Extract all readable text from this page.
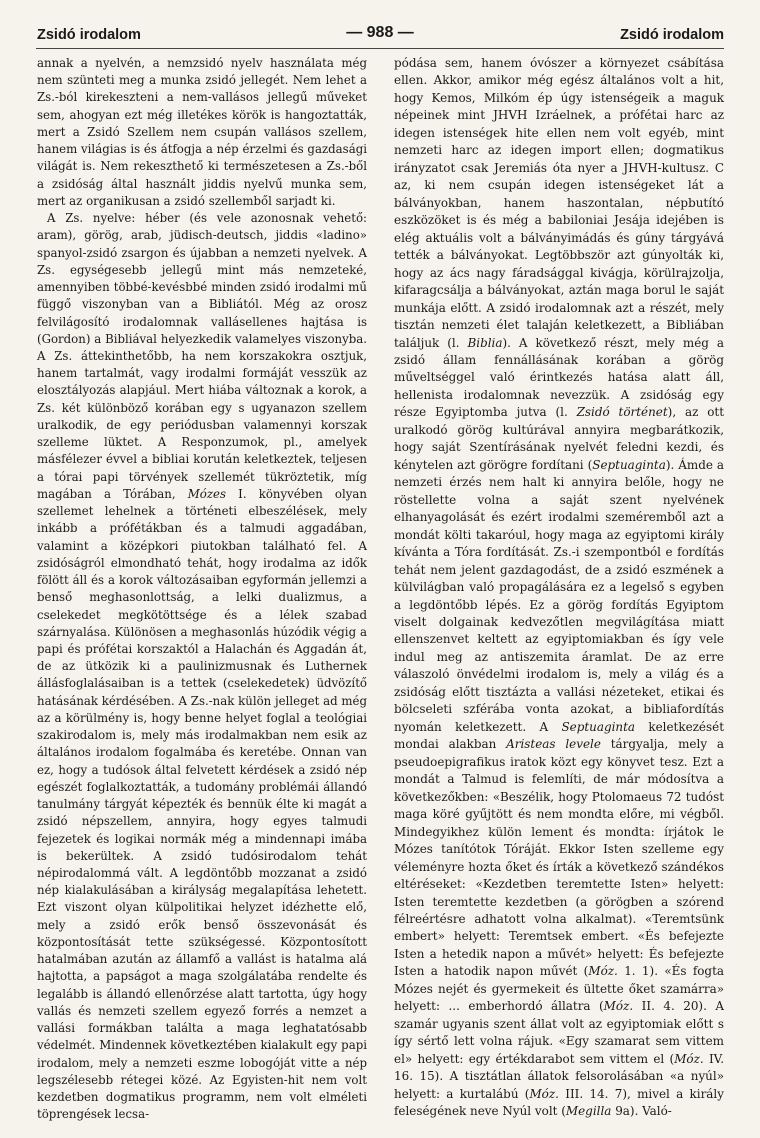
Zsidó irodalom	— 988 —	Zsidó irodalom

annak a nyelvén, a nemzsidó nyelv használata még nem szünteti meg a munka zsidó jellegét. Nem lehet a Zs.-ból kirekeszteni a nem-vallásos jellegű műveket sem, ahogyan ezt még illetékes körök is hangoztatták, mert a Zsidó Szellem nem csupán vallásos szellem, hanem világias is és átfogja a nép érzelmi és gazdasági világát is. Nem rekeszthető ki természetesen a Zs.-ből a zsidóság által használt jiddis nyelvű munka sem, mert az organikusan a zsidó szellemből sarjadt ki.

A Zs. nyelve: héber (és vele azonosnak vehető: aram), görög, arab, jüdisch-deutsch, jiddis «ladino» spanyol-zsidó zsargon és újabban a nemzeti nyelvek. A Zs. egységesebb jellegű mint más nemzeteké, amennyiben többé-kevésbbé minden zsidó irodalmi mű függő viszonyban van a Bibliától. Még az orosz felvilágosító irodalomnak vallásellenes hajtása is (Gordon) a Bibliával helyezkedik valamelyes viszonyba. A Zs. áttekinthetőbb, ha nem korszakokra osztjuk, hanem tartalmát, vagy irodalmi formáját vesszük az elosztályozás alapjául. Mert hiába változnak a korok, a Zs. két különböző korában egy s ugyanazon szellem uralkodik, de egy periódusban valamennyi korszak szelleme lüktet. A Responzumok, pl., amelyek másfélezer évvel a bibliai korután keletkeztek, teljesen a tórai papi törvények szellemét tükröztetik, míg magában a Tórában, Mózes I. könyvében olyan szellemet lehelnek a történeti elbeszélések, mely inkább a prófétákban és a talmudi aggadában, valamint a középkori piutokban található fel. A zsidóságról elmondható tehát, hogy irodalma az idők fölött áll és a korok változásaiban egyformán jellemzi a benső meghasonlottság, a lelki dualizmus, a cselekedet megkötöttsége és a lélek szabad szárnyalása. Különösen a meghasonlás húzódik végig a papi és prófétai korszaktól a Halachán és Aggadán át, de az ütközik ki a paulinizmusnak és Luthernek állásfoglalásaiban is a tettek (cselekedetek) üdvözítő hatásának kérdésében. A Zs.-nak külön jelleget ad még az a körülmény is, hogy benne helyet foglal a teológiai szakirodalom is, mely más irodalmakban nem esik az általános irodalom fogalmába és keretébe. Onnan van ez, hogy a tudósok által felvetett kérdések a zsidó nép egészét foglalkoztatták, a tudomány problémái állandó tanulmány tárgyát képezték és bennük élte ki magát a zsidó népszellem, annyira, hogy egyes talmudi fejezetek és logikai normák még a mindennapi imába is bekerültek. A zsidó tudósirodalom tehát népirodalommá vált. A legdöntőbb mozzanat a zsidó nép kialakulásában a királyság megalapítása lehetett. Ezt viszont olyan külpolitikai helyzet idézhette elő, mely a zsidó erők benső összevonását és központosítását tette szükségessé. Központosított hatalmában azután az államfő a vallást is hatalma alá hajtotta, a papságot a maga szolgálatába rendelte és legalább is állandó ellenőrzése alatt tartotta, úgy hogy vallás és nemzeti szellem egyező forrés a nemzet a vallási formákban találta a maga leghatatósabb védelmét. Mindennek következtében kialakult egy papi irodalom, mely a nemzeti eszme lobogóját vitte a nép legszélesebb rétegei közé. Az Egyisten-hit nem volt kezdetben dogmatikus programm, nem volt elméleti töprengések lecsa-

pódása sem, hanem óvószer a környezet csábítása ellen. Akkor, amikor még egész általános volt a hit, hogy Kemos, Milkóm ép úgy istenségeik a maguk népeinek mint JHVH Izráelnek, a prófétai harc az idegen istenségek hite ellen nem volt egyéb, mint nemzeti harc az idegen import ellen; dogmatikus irányzatot csak Jeremiás óta nyer a JHVH-kultusz. C az, ki nem csupán idegen istenségeket lát a bálványokban, hanem haszontalan, népbutító eszközöket is és még a babiloniai Jesája idejében is elég aktuális volt a bálványimádás és gúny tárgyává tették a bálványokat. Legtöbbször azt gúnyolták ki, hogy az ács nagy fáradsággal kivágja, körülrajzolja, kifaragcsálja a bálványokat, aztán maga borul le saját munkája előtt. A zsidó irodalomnak azt a részét, mely tisztán nemzeti élet talaján keletkezett, a Bibliában találjuk (l. Biblia). A következő részt, mely még a zsidó állam fennállásának korában a görög műveltséggel való érintkezés hatása alatt áll, hellenista irodalomnak nevezzük. A zsidóság egy része Egyiptomba jutva (l. Zsidó történet), az ott uralkodó görög kultúrával annyira megbarátkozik, hogy saját Szentírásának nyelvét feledni kezdi, és kénytelen azt görögre fordítani (Septuaginta). Ámde a nemzeti érzés nem halt ki annyira belőle, hogy ne röstellette volna a saját szent nyelvének elhanyagolását és ezért irodalmi szeméremből azt a mondát költi takaróul, hogy maga az egyiptomi király kívánta a Tóra fordítását. Zs.-i szempontból e fordítás tehát nem jelent gazdagodást, de a zsidó eszmének a külvilágban való propagálására ez a legelső s egyben a legdöntőbb lépés. Ez a görög fordítás Egyiptom viselt dolgainak kedvezőtlen megvilágítása miatt ellenszenvet keltett az egyiptomiakban és így vele indul meg az antiszemita áramlat. De az erre válaszoló önvédelmi irodalom is, mely a világ és a zsidóság előtt tisztázta a vallási nézeteket, etikai és bölcseleti szférába vonta azokat, a bibliafordítás nyomán keletkezett. A Septuaginta keletkezését mondai alakban Aristeas levele tárgyalja, mely a pseudoepigrafikus iratok közt egy könyvet tesz. Ezt a mondát a Talmud is felemlíti, de már módosítva a következőkben: «Beszélik, hogy Ptolomaeus 72 tudóst maga köré gyűjtött és nem mondta előre, mi végből. Mindegyikhez külön lement és mondta: írjátok le Mózes tanítótok Tóráját. Ekkor Isten szelleme egy véleményre hozta őket és írták a következő szándékos eltéréseket: «Kezdetben teremtette Isten» helyett: Isten teremtette kezdetben (a görögben a szórend félreértésre adhatott volna alkalmat). «Teremtsünk embert» helyett: Teremtsek embert. «És befejezte Isten a hetedik napon a művét» helyett: És befejezte Isten a hatodik napon művét (Móz. 1. 1). «És fogta Mózes nejét és gyermekeit és ültette őket szamárra» helyett: ... emberhordó állatra (Móz. II. 4. 20). A szamár ugyanis szent állat volt az egyiptomiak előtt s így sértő lett volna rájuk. «Egy szamarat sem vittem el» helyett: egy értékdarabot sem vittem el (Móz. IV. 16. 15). A tisztátlan állatok felsorolásában «a nyúl» helyett: a kurtalábú (Móz. III. 14. 7), mivel a király feleségének neve Nyúl volt (Megilla 9a). Való-
